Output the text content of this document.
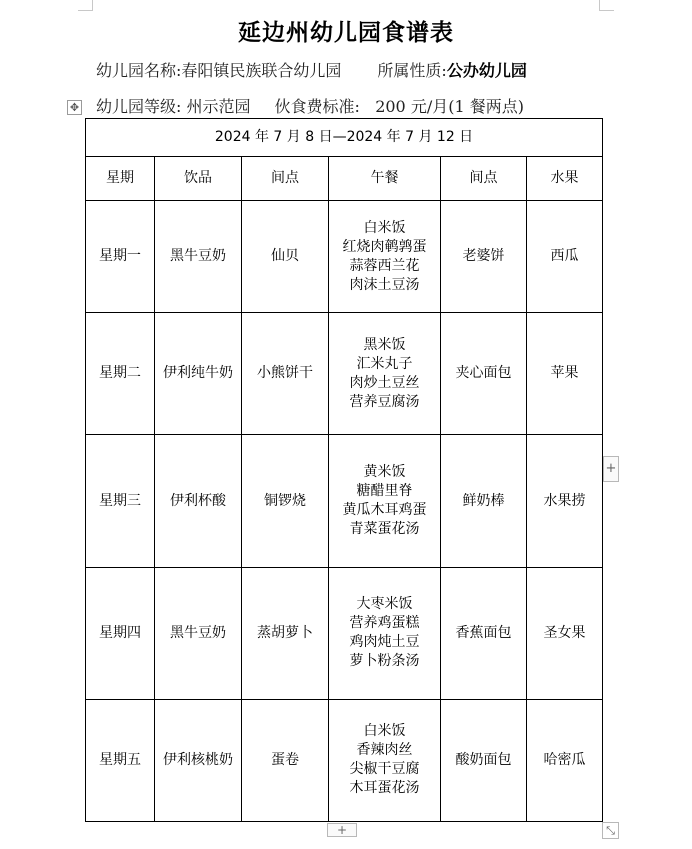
延边州幼儿园食谱表
幼儿园名称:春阳镇民族联合幼儿园 所属性质:公办幼儿园
幼儿园等级: 州示范园 伙食费标准: 200 元/月(1 餐两点)
✥
2024 年 7 月 8 日—2024 年 7 月 12 日					
星期	饮品	间点	午餐	间点	水果
星期一	黑牛豆奶	仙贝	白米饭
红烧肉鹌鹑蛋
蒜蓉西兰花
肉沫土豆汤	老婆饼	西瓜
星期二	伊利纯牛奶	小熊饼干	黑米饭
汇米丸子
肉炒土豆丝
营养豆腐汤	夹心面包	苹果
星期三	伊利杯酸	铜锣烧	黄米饭
糖醋里脊
黄瓜木耳鸡蛋
青菜蛋花汤	鲜奶棒	水果捞
星期四	黑牛豆奶	蒸胡萝卜	大枣米饭
营养鸡蛋糕
鸡肉炖土豆
萝卜粉条汤	香蕉面包	圣女果
星期五	伊利核桃奶	蛋卷	白米饭
香辣肉丝
尖椒干豆腐
木耳蛋花汤	酸奶面包	哈密瓜
+
+	⤡
